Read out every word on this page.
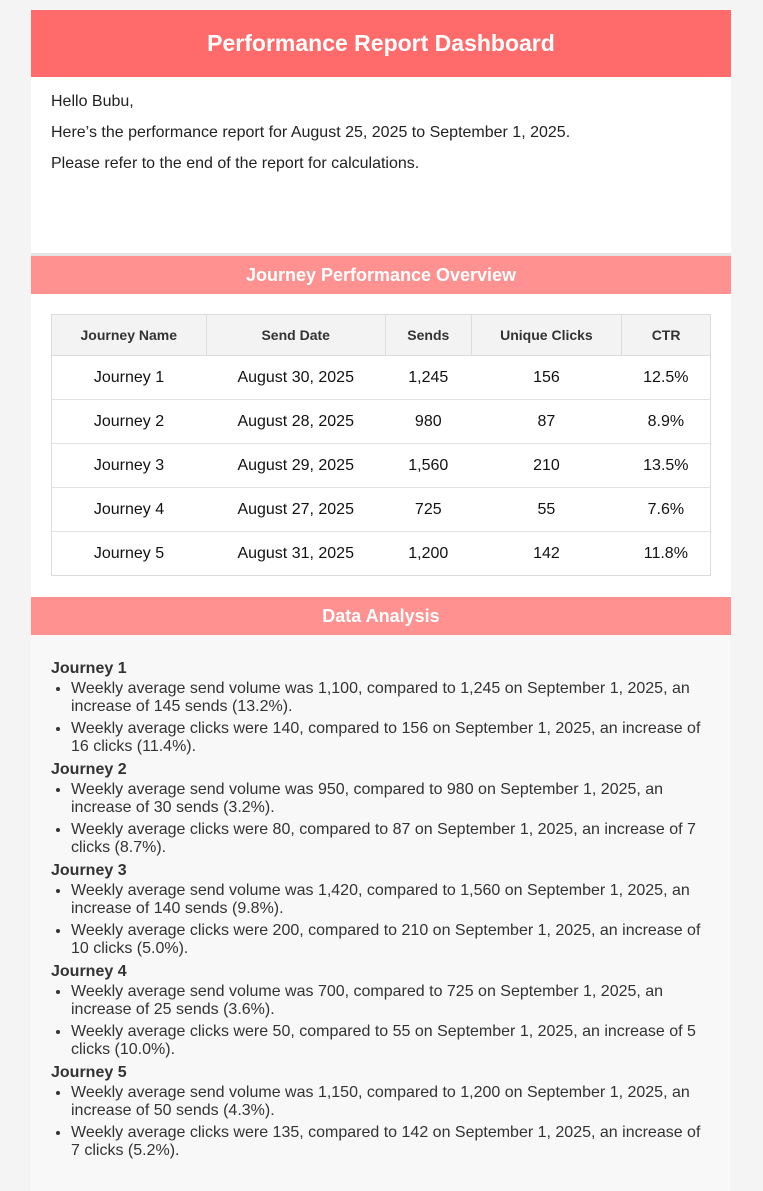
Performance Report Dashboard

Hello Bubu,

Here’s the performance report for August 25, 2025 to September 1, 2025.

Please refer to the end of the report for calculations.

Journey Performance Overview
Journey Name	Send Date	Sends	Unique Clicks	CTR
Journey 1	August 30, 2025	1,245	156	12.5%
Journey 2	August 28, 2025	980	87	8.9%
Journey 3	August 29, 2025	1,560	210	13.5%
Journey 4	August 27, 2025	725	55	7.6%
Journey 5	August 31, 2025	1,200	142	11.8%
Data Analysis

Journey 1

• Weekly average send volume was 1,100, compared to 1,245 on September 1, 2025, an increase of 145 sends (13.2%).
• Weekly average clicks were 140, compared to 156 on September 1, 2025, an increase of 16 clicks (11.4%).

Journey 2

• Weekly average send volume was 950, compared to 980 on September 1, 2025, an increase of 30 sends (3.2%).
• Weekly average clicks were 80, compared to 87 on September 1, 2025, an increase of 7 clicks (8.7%).

Journey 3

• Weekly average send volume was 1,420, compared to 1,560 on September 1, 2025, an increase of 140 sends (9.8%).
• Weekly average clicks were 200, compared to 210 on September 1, 2025, an increase of 10 clicks (5.0%).

Journey 4

• Weekly average send volume was 700, compared to 725 on September 1, 2025, an increase of 25 sends (3.6%).
• Weekly average clicks were 50, compared to 55 on September 1, 2025, an increase of 5 clicks (10.0%).

Journey 5

• Weekly average send volume was 1,150, compared to 1,200 on September 1, 2025, an increase of 50 sends (4.3%).
• Weekly average clicks were 135, compared to 142 on September 1, 2025, an increase of 7 clicks (5.2%).
